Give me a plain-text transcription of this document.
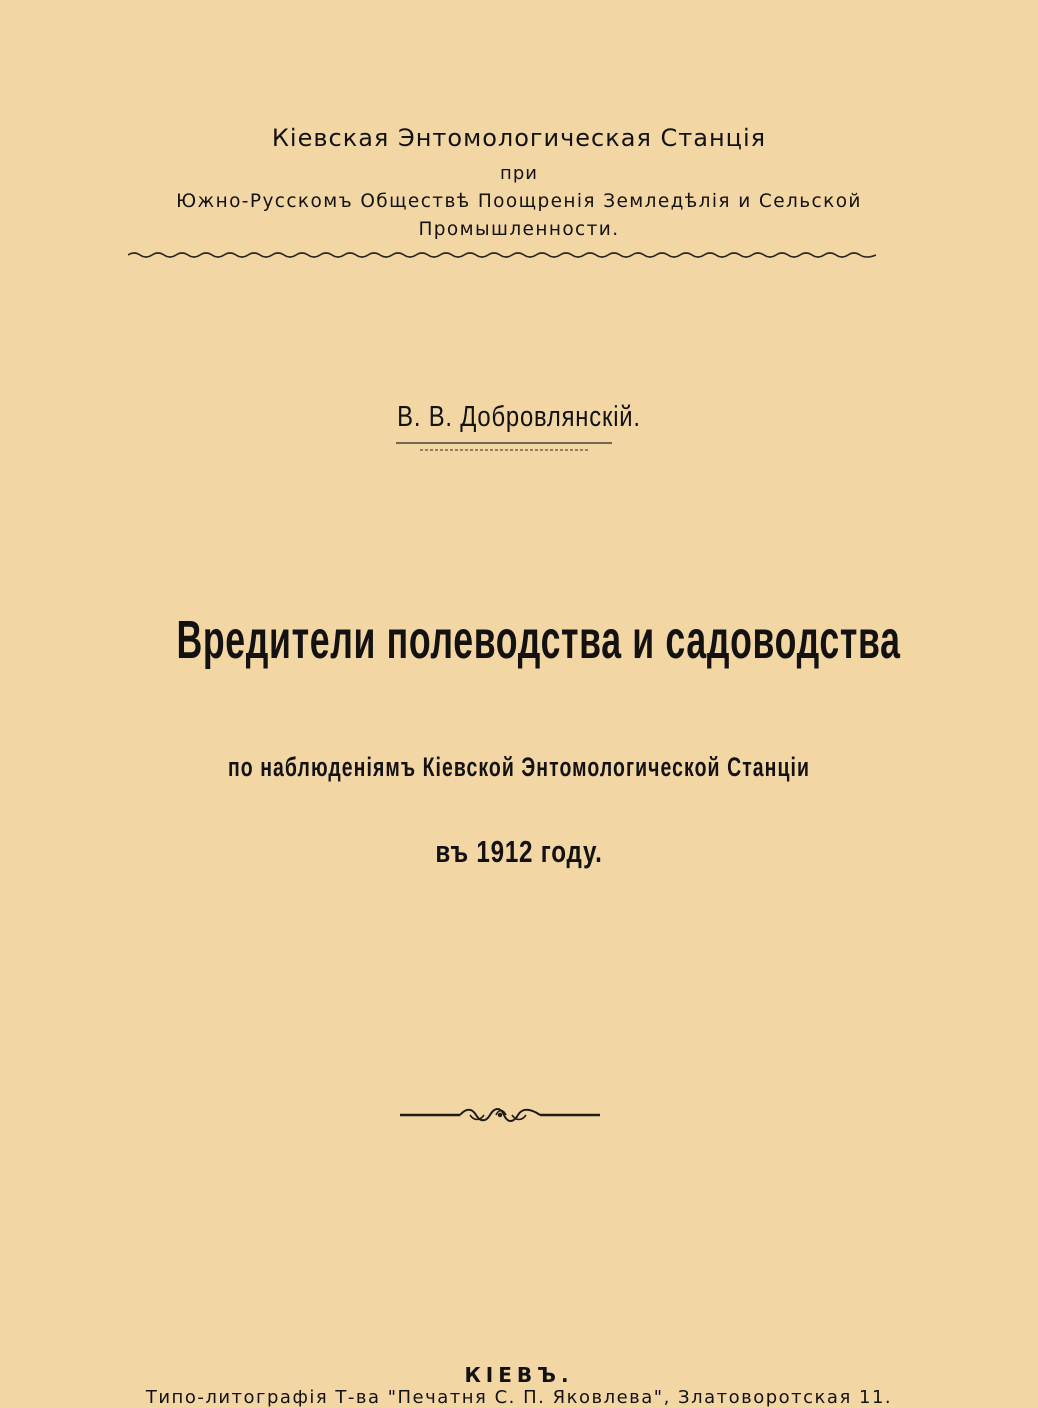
Кіевская Энтомологическая Станція
при
Южно-Русскомъ Обществѣ Поощренія Земледѣлія и Сельской
Промышленности.
В. В. Добровлянскій.
Вредители полеводства и садоводства
по наблюденіямъ Кіевской Энтомологической Станціи
въ 1912 году.
КІЕВЪ.
Типо-литографія Т-ва "Печатня С. П. Яковлева", Златоворотская 11.
